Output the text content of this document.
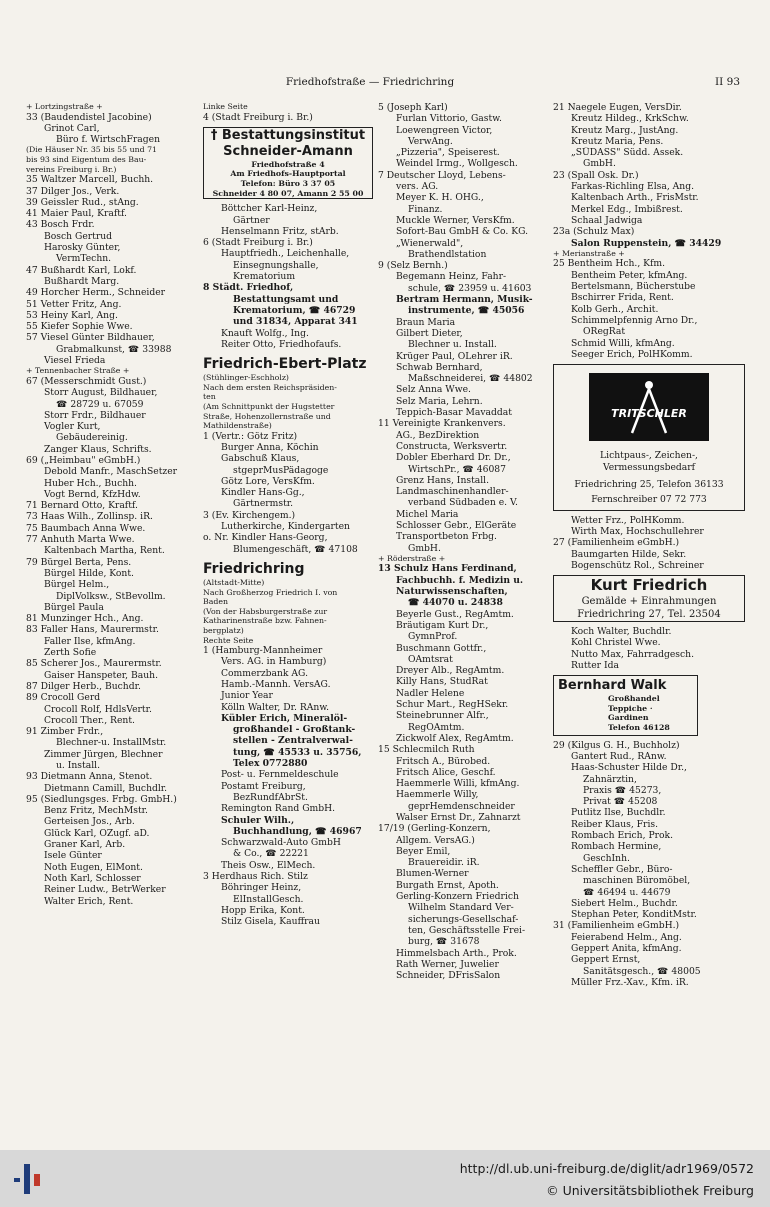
Friedhofstraße — Friedrichring	II 93
+ Lortzingstraße +
33 (Baudendistel Jacobine)
Grinot Carl,
Büro f. WirtschFragen
(Die Häuser Nr. 35 bis 55 und 71
bis 93 sind Eigentum des Bau-
vereins Freiburg i. Br.)
35 Waltzer Marcell, Buchh.
37 Dilger Jos., Verk.
39 Geissler Rud., stAng.
41 Maier Paul, Kraftf.
43 Bosch Frdr.
Bosch Gertrud
Harosky Günter,
VermTechn.
47 Bußhardt Karl, Lokf.
Bußhardt Marg.
49 Horcher Herm., Schneider
51 Vetter Fritz, Ang.
53 Heiny Karl, Ang.
55 Kiefer Sophie Wwe.
57 Viesel Günter Bildhauer,
Grabmalkunst, ☎ 33988
Viesel Frieda
+ Tennenbacher Straße +
67 (Messerschmidt Gust.)
Storr August, Bildhauer,
☎ 28729 u. 67059
Storr Frdr., Bildhauer
Vogler Kurt,
Gebäudereinig.
Zanger Klaus, Schrifts.
69 („Heimbau" eGmbH.)
Debold Manfr., MaschSetzer
Huber Hch., Buchh.
Vogt Bernd, KfzHdw.
71 Bernard Otto, Kraftf.
73 Haas Wilh., Zollinsp. iR.
75 Baumbach Anna Wwe.
77 Anhuth Marta Wwe.
Kaltenbach Martha, Rent.
79 Bürgel Berta, Pens.
Bürgel Hilde, Kont.
Bürgel Helm.,
DiplVolksw., StBevollm.
Bürgel Paula
81 Munzinger Hch., Ang.
83 Faller Hans, Maurermstr.
Faller Ilse, kfmAng.
Zerth Sofie
85 Scherer Jos., Maurermstr.
Gaiser Hanspeter, Bauh.
87 Dilger Herb., Buchdr.
89 Crocoll Gerd
Crocoll Rolf, HdlsVertr.
Crocoll Ther., Rent.
91 Zimber Frdr.,
Blechner-u. InstallMstr.
Zimmer Jürgen, Blechner
u. Install.
93 Dietmann Anna, Stenot.
Dietmann Camill, Buchdlr.
95 (Siedlungsges. Frbg. GmbH.)
Benz Fritz, MechMstr.
Gerteisen Jos., Arb.
Glück Karl, OZugf. aD.
Graner Karl, Arb.
Isele Günter
Noth Eugen, ElMont.
Noth Karl, Schlosser
Reiner Ludw., BetrWerker
Walter Erich, Rent.
Linke Seite
4 (Stadt Freiburg i. Br.)
† Bestattungsinstitut
Schneider-Amann
Friedhofstraße 4
Am Friedhofs-Hauptportal
Telefon: Büro 3 37 05
Schneider 4 80 07, Amann 2 55 00
Böttcher Karl-Heinz,
Gärtner
Henselmann Fritz, stArb.
6 (Stadt Freiburg i. Br.)
Hauptfriedh., Leichenhalle,
Einsegnungshalle,
Krematorium
8 Städt. Friedhof,
Bestattungsamt und
Krematorium, ☎ 46729
und 31834, Apparat 341
Knauft Wolfg., Ing.
Reiter Otto, Friedhofaufs.
Friedrich-Ebert-Platz
(Stühlinger-Eschholz)
Nach dem ersten Reichspräsiden-
ten
(Am Schnittpunkt der Hugstetter
Straße, Hohenzollernstraße und
Mathildenstraße)
1 (Vertr.: Götz Fritz)
Burger Anna, Köchin
Gabschuß Klaus,
stgeprMusPädagoge
Götz Lore, VersKfm.
Kindler Hans-Gg.,
Gärtnermstr.
3 (Ev. Kirchengem.)
Lutherkirche, Kindergarten
o. Nr. Kindler Hans-Georg,
Blumengeschäft, ☎ 47108
Friedrichring
(Altstadt-Mitte)
Nach Großherzog Friedrich I. von
Baden
(Von der Habsburgerstraße zur
Katharinenstraße bzw. Fahnen-
bergplatz)
Rechte Seite
1 (Hamburg-Mannheimer
Vers. AG. in Hamburg)
Commerzbank AG.
Hamb.-Mannh. VersAG.
Junior Year
Kölln Walter, Dr. RAnw.
Kübler Erich, Mineralöl-
großhandel - Großtank-
stellen - Zentralverwal-
tung, ☎ 45533 u. 35756,
Telex 0772880
Post- u. Fernmeldeschule
Postamt Freiburg,
BezRundfAbrSt.
Remington Rand GmbH.
Schuler Wilh.,
Buchhandlung, ☎ 46967
Schwarzwald-Auto GmbH
& Co., ☎ 22221
Theis Osw., ElMech.
3 Herdhaus Rich. Stilz
Böhringer Heinz,
ElInstallGesch.
Hopp Erika, Kont.
Stilz Gisela, Kauffrau
5 (Joseph Karl)
Furlan Vittorio, Gastw.
Loewengreen Victor,
VerwAng.
„Pizzeria", Speiserest.
Weindel Irmg., Wollgesch.
7 Deutscher Lloyd, Lebens-
vers. AG.
Meyer K. H. OHG.,
Finanz.
Muckle Werner, VersKfm.
Sofort-Bau GmbH & Co. KG.
„Wienerwald",
Brathendlstation
9 (Selz Bernh.)
Begemann Heinz, Fahr-
schule, ☎ 23959 u. 41603
Bertram Hermann, Musik-
instrumente, ☎ 45056
Braun Maria
Gilbert Dieter,
Blechner u. Install.
Krüger Paul, OLehrer iR.
Schwab Bernhard,
Maßschneiderei, ☎ 44802
Selz Anna Wwe.
Selz Maria, Lehrn.
Teppich-Basar Mavaddat
11 Vereinigte Krankenvers.
AG., BezDirektion
Constructa, Werksvertr.
Dobler Eberhard Dr. Dr.,
WirtschPr., ☎ 46087
Grenz Hans, Install.
Landmaschinenhandler-
verband Südbaden e. V.
Michel Maria
Schlosser Gebr., ElGeräte
Transportbeton Frbg.
GmbH.
+ Röderstraße +
13 Schulz Hans Ferdinand,
Fachbuchh. f. Medizin u.
Naturwissenschaften,
☎ 44070 u. 24838
Beyerle Gust., RegAmtm.
Bräutigam Kurt Dr.,
GymnProf.
Buschmann Gottfr.,
OAmtsrat
Dreyer Alb., RegAmtm.
Killy Hans, StudRat
Nadler Helene
Schur Mart., RegHSekr.
Steinebrunner Alfr.,
RegOAmtm.
Zickwolf Alex, RegAmtm.
15 Schlecmilch Ruth
Fritsch A., Bürobed.
Fritsch Alice, Geschf.
Haemmerle Willi, kfmAng.
Haemmerle Willy,
geprHemdenschneider
Walser Ernst Dr., Zahnarzt
17/19 (Gerling-Konzern,
Allgem. VersAG.)
Beyer Emil,
Brauereidir. iR.
Blumen-Werner
Burgath Ernst, Apoth.
Gerling-Konzern Friedrich
Wilhelm Standard Ver-
sicherungs-Gesellschaf-
ten, Geschäftsstelle Frei-
burg, ☎ 31678
Himmelsbach Arth., Prok.
Rath Werner, Juwelier
Schneider, DFrisSalon
21 Naegele Eugen, VersDir.
Kreutz Hildeg., KrkSchw.
Kreutz Marg., JustAng.
Kreutz Maria, Pens.
„SÜDASS" Südd. Assek.
GmbH.
23 (Spall Osk. Dr.)
Farkas-Richling Elsa, Ang.
Kaltenbach Arth., FrisMstr.
Merkel Edg., Imbißrest.
Schaal Jadwiga
23a (Schulz Max)
Salon Ruppenstein, ☎ 34429
+ Merianstraße +
25 Bentheim Hch., Kfm.
Bentheim Peter, kfmAng.
Bertelsmann, Bücherstube
Bschirrer Frida, Rent.
Kolb Gerh., Archit.
Schimmelpfennig Arno Dr.,
ORegRat
Schmid Willi, kfmAng.
Seeger Erich, PolHKomm.
TRITSCHLER
Lichtpaus-, Zeichen-,
Vermessungsbedarf
Friedrichring 25, Telefon 36133
Fernschreiber 07 72 773
Wetter Frz., PolHKomm.
Wirth Max, Hochschullehrer
27 (Familienheim eGmbH.)
Baumgarten Hilde, Sekr.
Bogenschütz Rol., Schreiner
Kurt Friedrich
Gemälde + Einrahmungen
Friedrichring 27, Tel. 23504
Koch Walter, Buchdlr.
Kohl Christel Wwe.
Nutto Max, Fahrradgesch.
Rutter Ida
Bernhard Walk
Großhandel
Teppiche · Gardinen
Telefon 46128
29 (Kilgus G. H., Buchholz)
Gantert Rud., RAnw.
Haas-Schuster Hilde Dr.,
Zahnärztin,
Praxis ☎ 45273,
Privat ☎ 45208
Putlitz Ilse, Buchdlr.
Reiber Klaus, Fris.
Rombach Erich, Prok.
Rombach Hermine,
GeschInh.
Scheffler Gebr., Büro-
maschinen Büromöbel,
☎ 46494 u. 44679
Siebert Helm., Buchdr.
Stephan Peter, KonditMstr.
31 (Familienheim eGmbH.)
Feierabend Helm., Ang.
Geppert Anita, kfmAng.
Geppert Ernst,
Sanitätsgesch., ☎ 48005
Müller Frz.-Xav., Kfm. iR.
http://dl.ub.uni-freiburg.de/diglit/adr1969/0572
© Universitätsbibliothek Freiburg
